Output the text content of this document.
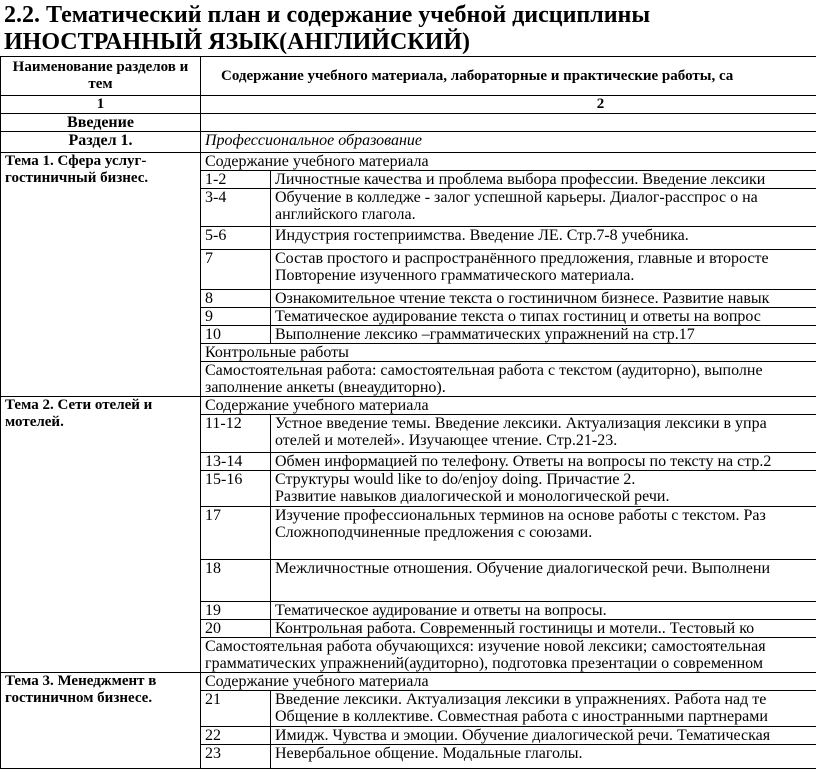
2.2. Тематический план и содержание учебной дисциплины
ИНОСТРАННЫЙ ЯЗЫК(АНГЛИЙСКИЙ)
Наименование разделов и тем	Содержание учебного материала, лабораторные и практические работы, са	
1	2	
Введение		
Раздел 1.	Профессиональное образование	
Тема 1. Сфера услуг- гостиничный бизнес.	Содержание учебного материала	
	1-2	Личностные качества и проблема выбора профессии. Введение лексики
	3-4	Обучение в колледже - залог успешной карьеры. Диалог-расспрос о на
английского глагола.

	5-6	Индустрия гостеприимства. Введение ЛЕ. Стр.7-8 учебника.
	7	Состав простого и распространённого предложения, главные и второсте
Повторение изученного грамматического материала.

	8	Ознакомительное чтение текста о гостиничном бизнесе. Развитие навык
	9	Тематическое аудирование текста о типах гостиниц и ответы на вопрос
	10	Выполнение лексико –грамматических упражнений на стр.17
	Контрольные работы	
	Самостоятельная работа: самостоятельная работа с текстом (аудиторно), выполне	
	заполнение анкеты (внеаудиторно).	
Тема 2. Сети отелей и мотелей.	Содержание учебного материала	
	11-12	Устное введение темы. Введение лексики. Актуализация лексики в упра
отелей и мотелей». Изучающее чтение. Стр.21-23.

	13-14	Обмен информацией по телефону. Ответы на вопросы по тексту на стр.2
	15-16	Структуры would like to do/enjoy doing. Причастие 2.
Развитие навыков диалогической и монологической речи.

	17	Изучение профессиональных терминов на основе работы с текстом. Раз
Сложноподчиненные предложения с союзами.

	18	Межличностные отношения. Обучение диалогической речи. Выполнени
	19	Тематическое аудирование и ответы на вопросы.
	20	Контрольная работа. Современный гостиницы и мотели.. Тестовый ко
	Самостоятельная работа обучающихся: изучение новой лексики; самостоятельная	
	грамматических упражнений(аудиторно), подготовка презентации о современном	
Тема 3. Менеджмент в гостиничном бизнесе.	Содержание учебного материала	
	21	Введение лексики. Актуализация лексики в упражнениях. Работа над те
Общение в коллективе. Совместная работа с иностранными партнерами

	22	Имидж. Чувства и эмоции. Обучение диалогической речи. Тематическая
	23	Невербальное общение. Модальные глаголы.
